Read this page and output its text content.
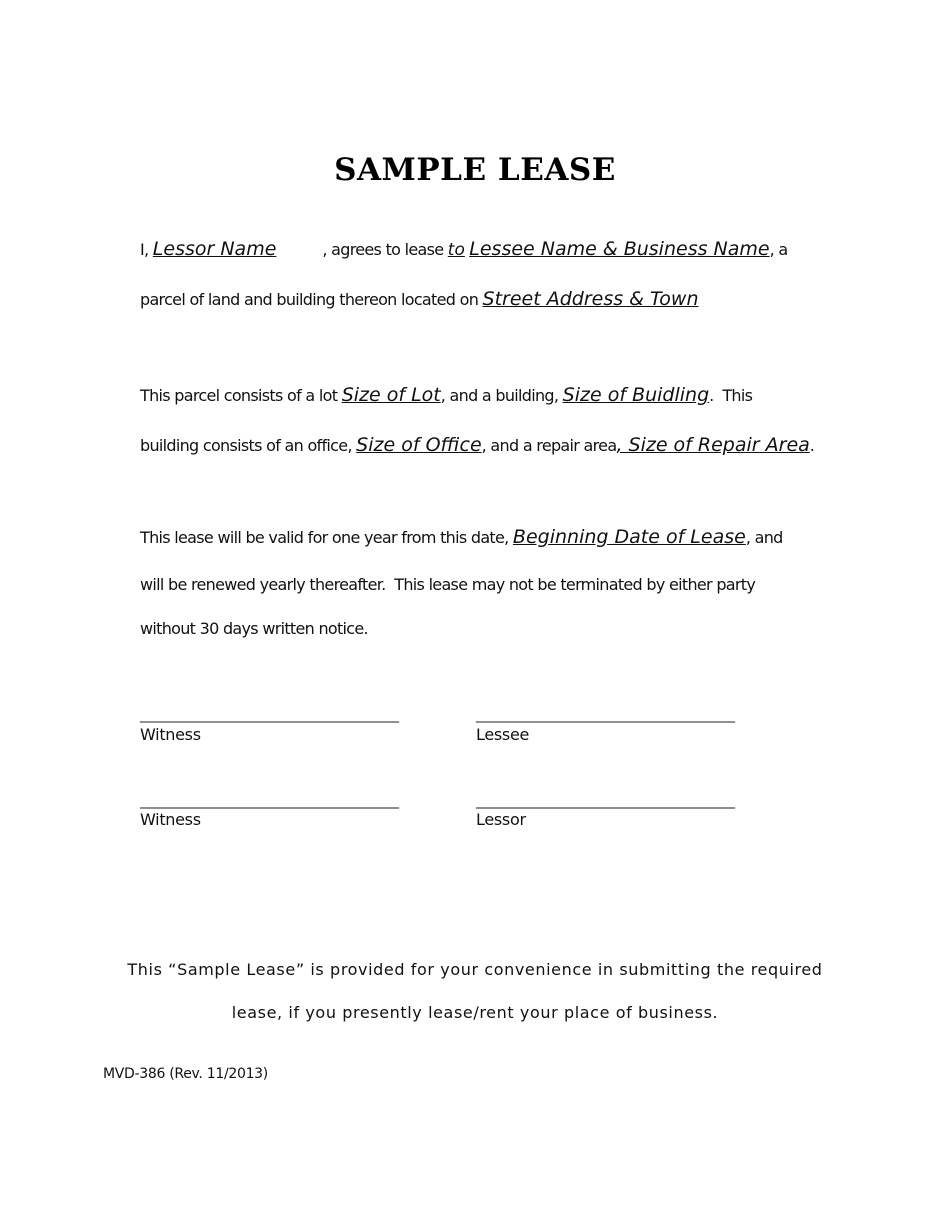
SAMPLE LEASE
I, Lessor Name	, agrees to lease to Lessee Name & Business Name, a
parcel of land and building thereon located on Street Address & Town
This parcel consists of a lot Size of Lot, and a building, Size of Buidling.  This
building consists of an office, Size of Office, and a repair area, Size of Repair Area.
This lease will be valid for one year from this date, Beginning Date of Lease, and
will be renewed yearly thereafter.  This lease may not be terminated by either party
without 30 days written notice.
_____________________________________
Witness
_____________________________________
Lessee
_____________________________________
Witness
_____________________________________
Lessor
This “Sample Lease” is provided for your convenience in submitting the required
lease, if you presently lease/rent your place of business.
MVD-386 (Rev. 11/2013)
